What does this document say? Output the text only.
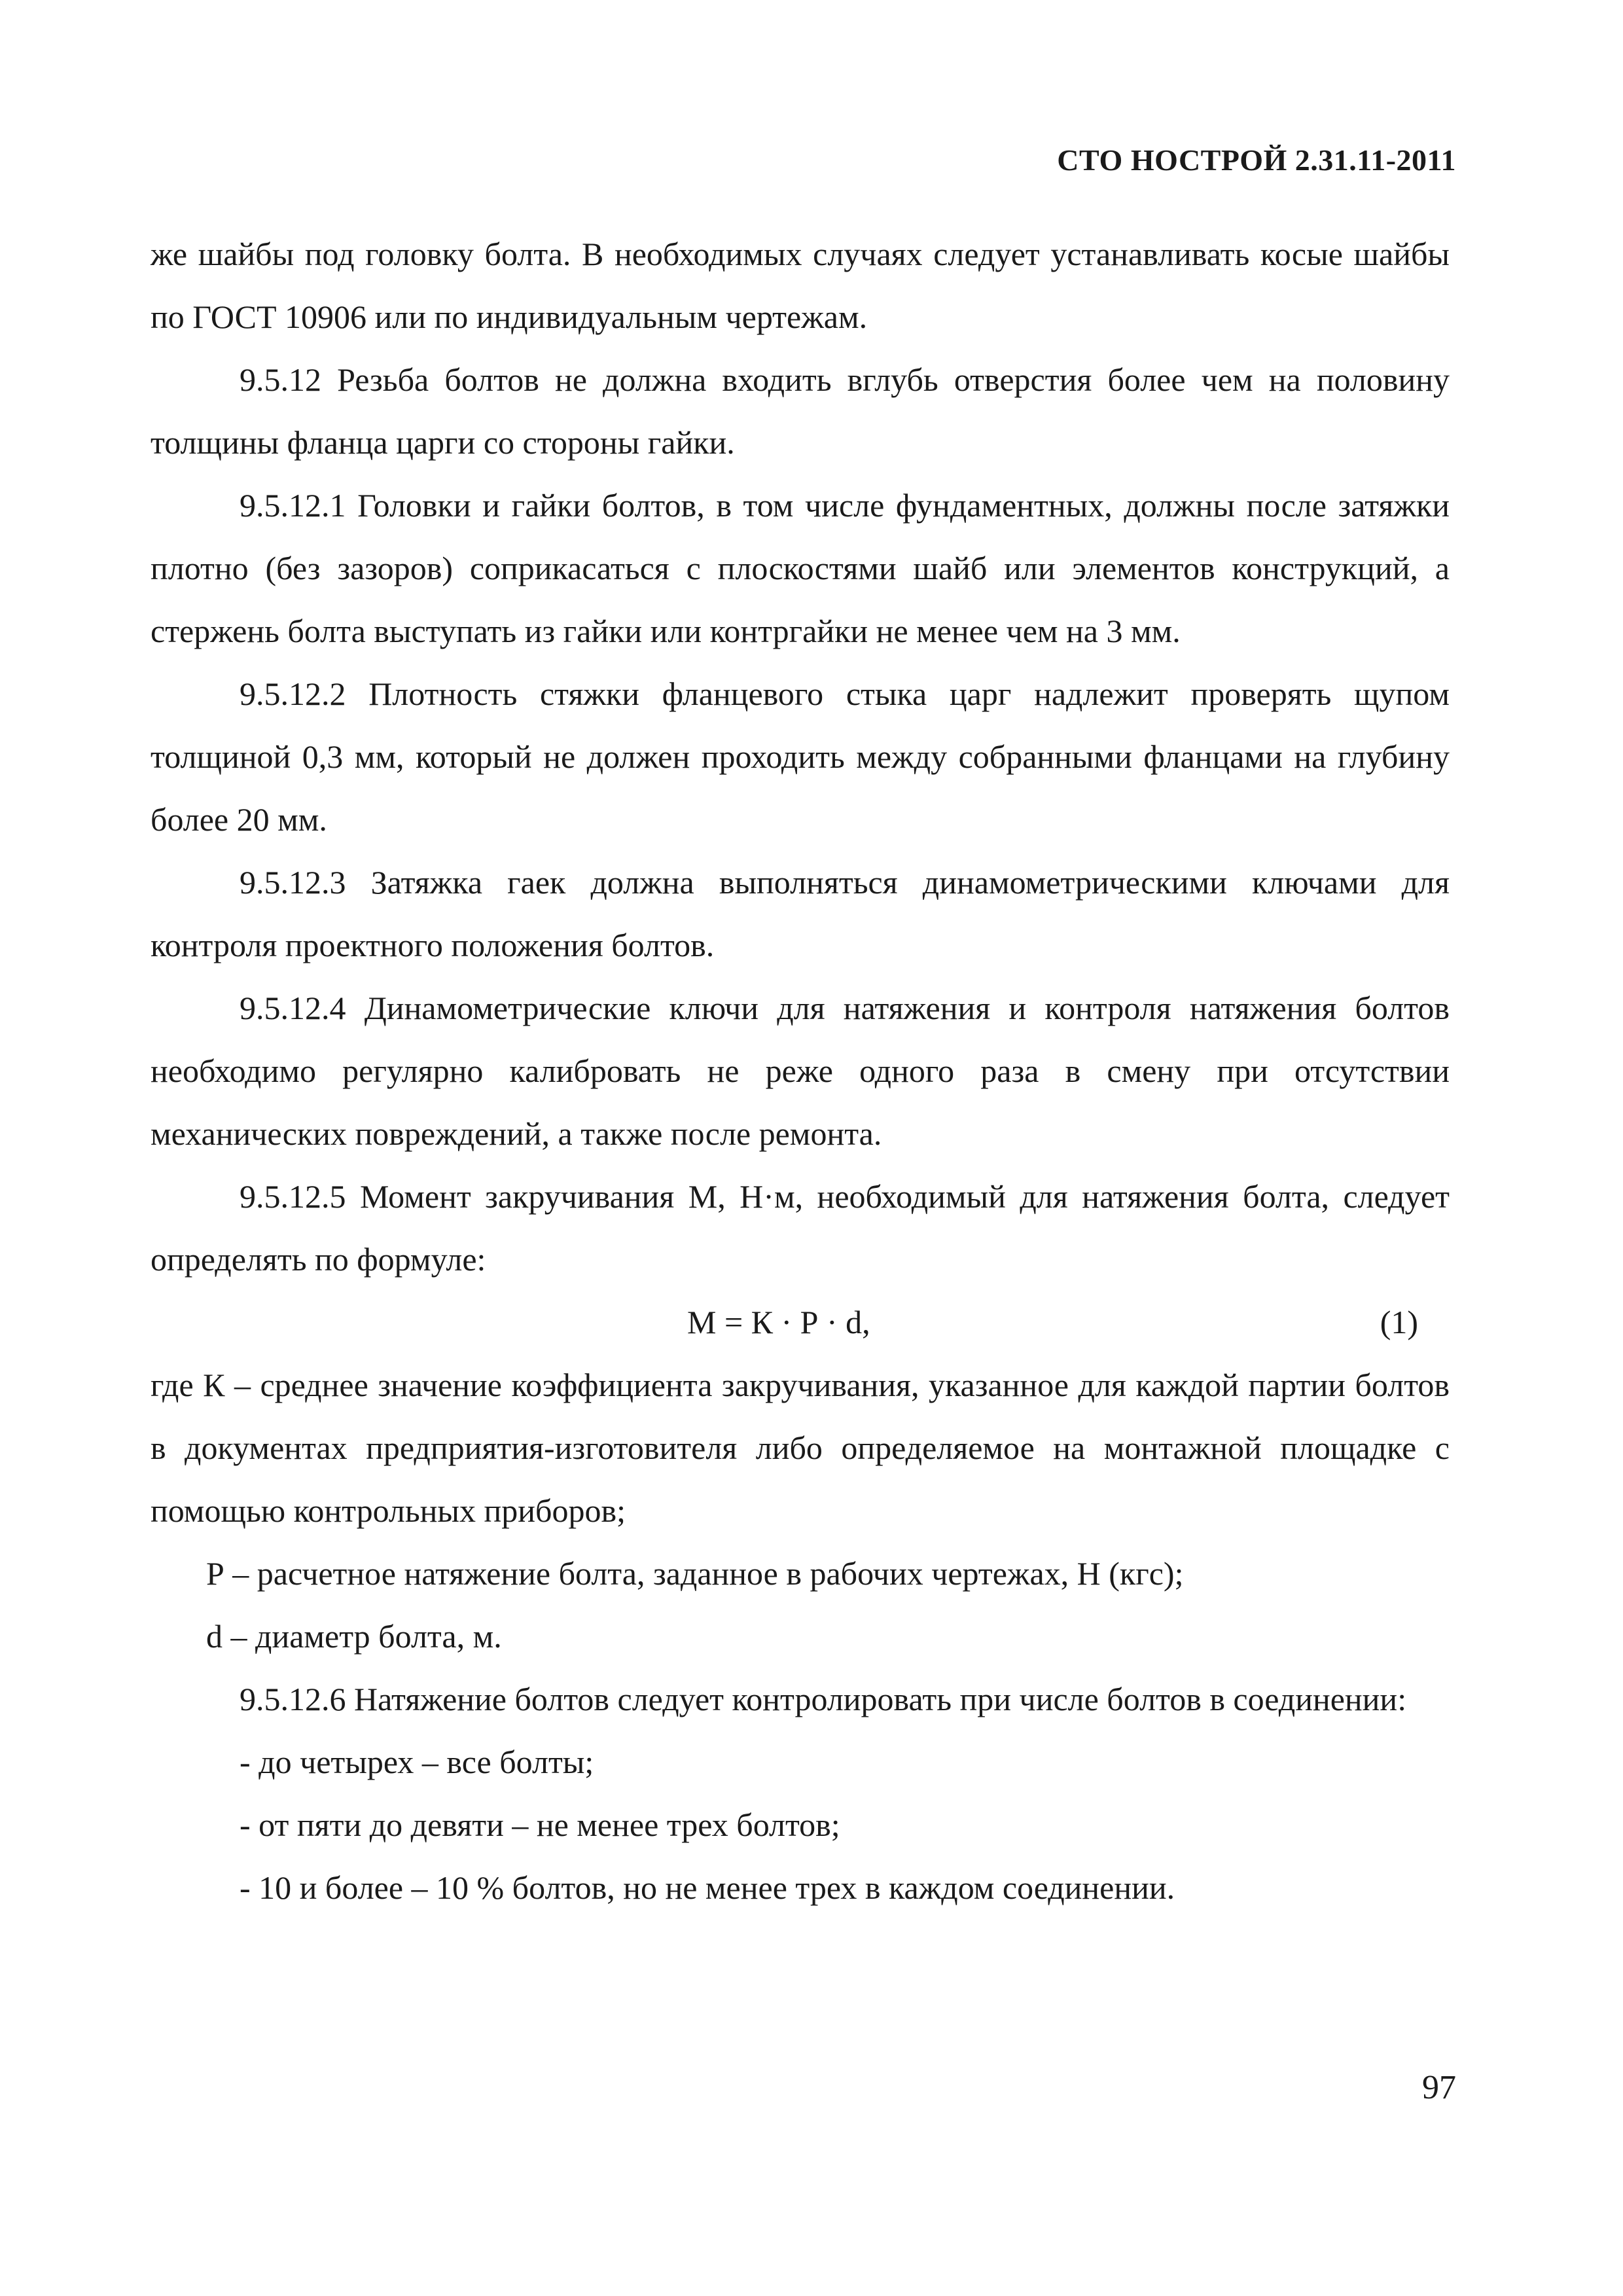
СТО НОСТРОЙ 2.31.11-2011

же шайбы под головку болта. В необходимых случаях следует устанавливать косые шайбы по ГОСТ 10906 или по индивидуальным чертежам.

9.5.12 Резьба болтов не должна входить вглубь отверстия более чем на половину толщины фланца царги со стороны гайки.

9.5.12.1 Головки и гайки болтов, в том числе фундаментных, должны после затяжки плотно (без зазоров) соприкасаться с плоскостями шайб или элементов конструкций, а стержень болта выступать из гайки или контргайки не менее чем на 3 мм.

9.5.12.2 Плотность стяжки фланцевого стыка царг надлежит проверять щупом толщиной 0,3 мм, который не должен проходить между собранными фланцами на глубину более 20 мм.

9.5.12.3 Затяжка гаек должна выполняться динамометрическими ключами для контроля проектного положения болтов.

9.5.12.4 Динамометрические ключи для натяжения и контроля натяжения болтов необходимо регулярно калибровать не реже одного раза в смену при отсутствии механических повреждений, а также после ремонта.

9.5.12.5 Момент закручивания М, Н·м, необходимый для натяжения болта, следует определять по формуле:

М = К · Р · d,	(1)

где К – среднее значение коэффициента закручивания, указанное для каждой партии болтов в документах предприятия-изготовителя либо определяемое на монтажной площадке с помощью контрольных приборов;

Р – расчетное натяжение болта, заданное в рабочих чертежах, Н (кгс);

d – диаметр болта, м.

9.5.12.6 Натяжение болтов следует контролировать при числе болтов в соединении:

- до четырех – все болты;

- от пяти до девяти – не менее трех болтов;

- 10 и более – 10 % болтов, но не менее трех в каждом соединении.

97
